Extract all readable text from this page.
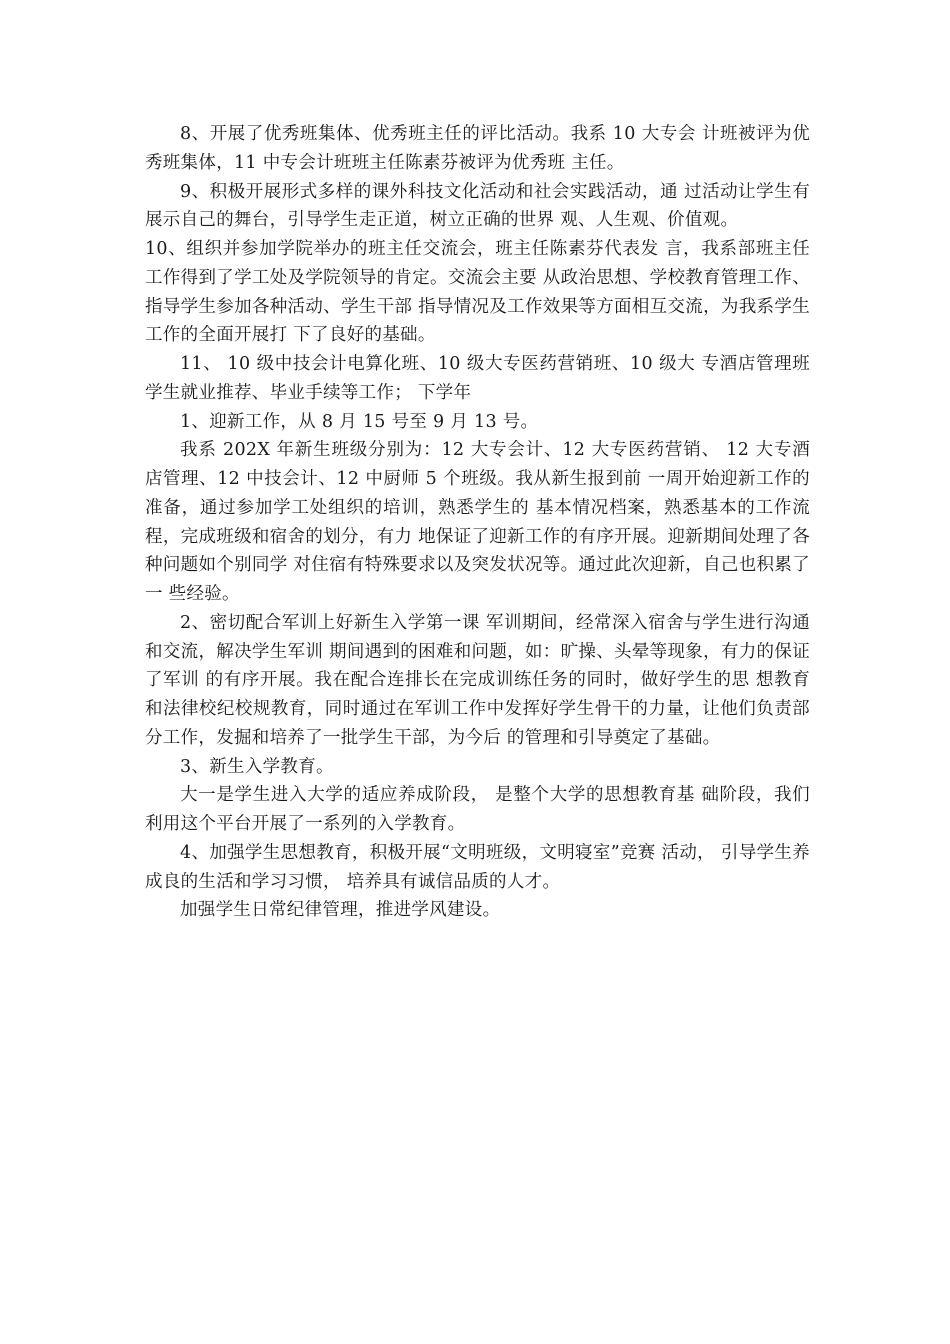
8、开展了优秀班集体、优秀班主任的评比活动。我系 10 大专会 计班被评为优秀班集体，11 中专会计班班主任陈素芬被评为优秀班 主任。

9、积极开展形式多样的课外科技文化活动和社会实践活动，通 过活动让学生有展示自己的舞台，引导学生走正道，树立正确的世界 观、人生观、价值观。

10、组织并参加学院举办的班主任交流会，班主任陈素芬代表发 言，我系部班主任工作得到了学工处及学院领导的肯定。交流会主要 从政治思想、学校教育管理工作、指导学生参加各种活动、学生干部 指导情况及工作效果等方面相互交流，为我系学生工作的全面开展打 下了良好的基础。

11、 10 级中技会计电算化班、10 级大专医药营销班、10 级大 专酒店管理班学生就业推荐、毕业手续等工作； 下学年

1、迎新工作，从 8 月 15 号至 9 月 13 号。

我系 202X 年新生班级分别为：12 大专会计、12 大专医药营销、 12 大专酒店管理、12 中技会计、12 中厨师 5 个班级。我从新生报到前 一周开始迎新工作的准备，通过参加学工处组织的培训，熟悉学生的 基本情况档案，熟悉基本的工作流程，完成班级和宿舍的划分，有力 地保证了迎新工作的有序开展。迎新期间处理了各种问题如个别同学 对住宿有特殊要求以及突发状况等。通过此次迎新，自己也积累了一 些经验。

2、密切配合军训上好新生入学第一课 军训期间，经常深入宿舍与学生进行沟通和交流，解决学生军训 期间遇到的困难和问题，如：旷操、头晕等现象，有力的保证了军训 的有序开展。我在配合连排长在完成训练任务的同时，做好学生的思 想教育和法律校纪校规教育，同时通过在军训工作中发挥好学生骨干的力量，让他们负责部分工作，发掘和培养了一批学生干部，为今后 的管理和引导奠定了基础。

3、新生入学教育。

大一是学生进入大学的适应养成阶段， 是整个大学的思想教育基 础阶段，我们利用这个平台开展了一系列的入学教育。

4、加强学生思想教育，积极开展“文明班级，文明寝室”竞赛 活动， 引导学生养成良的生活和学习习惯， 培养具有诚信品质的人才。

加强学生日常纪律管理，推进学风建设。
